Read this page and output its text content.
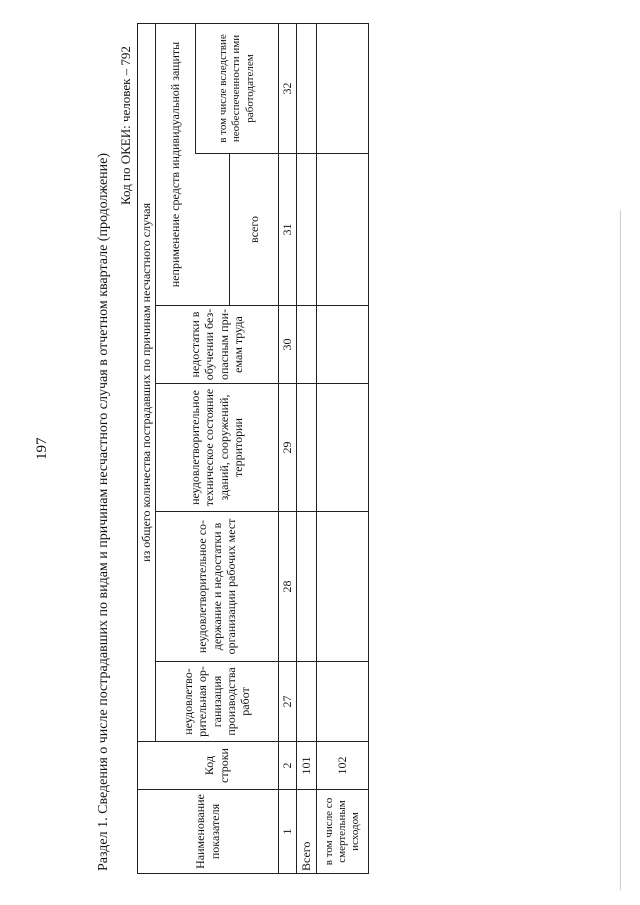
197	Раздел 1. Сведения о числе пострадавших по видам и причинам несчастного случая в отчетном квартале (продолжение)
Код по ОКЕИ: человек – 792
Наименование показателя		из общего количества пострадавших по причинам несчастного случая					
	Код строки	неудовлетво-рительная ор-ганизация производства работ	неудовлетворительное со-держание и недостатки в организации рабочих мест	неудовлетворительное техническое состояние зданий, сооружений, территории	недостатки в обучении без-опасным при-емам труда	неприменение средств индивидуальной защиты	
							в том числе вследствие необеспеченности ими работодателем
						всего	
1	2	27	28	29	30	31	32
Всего	101						
в том числе со смертельным исходом	102						
